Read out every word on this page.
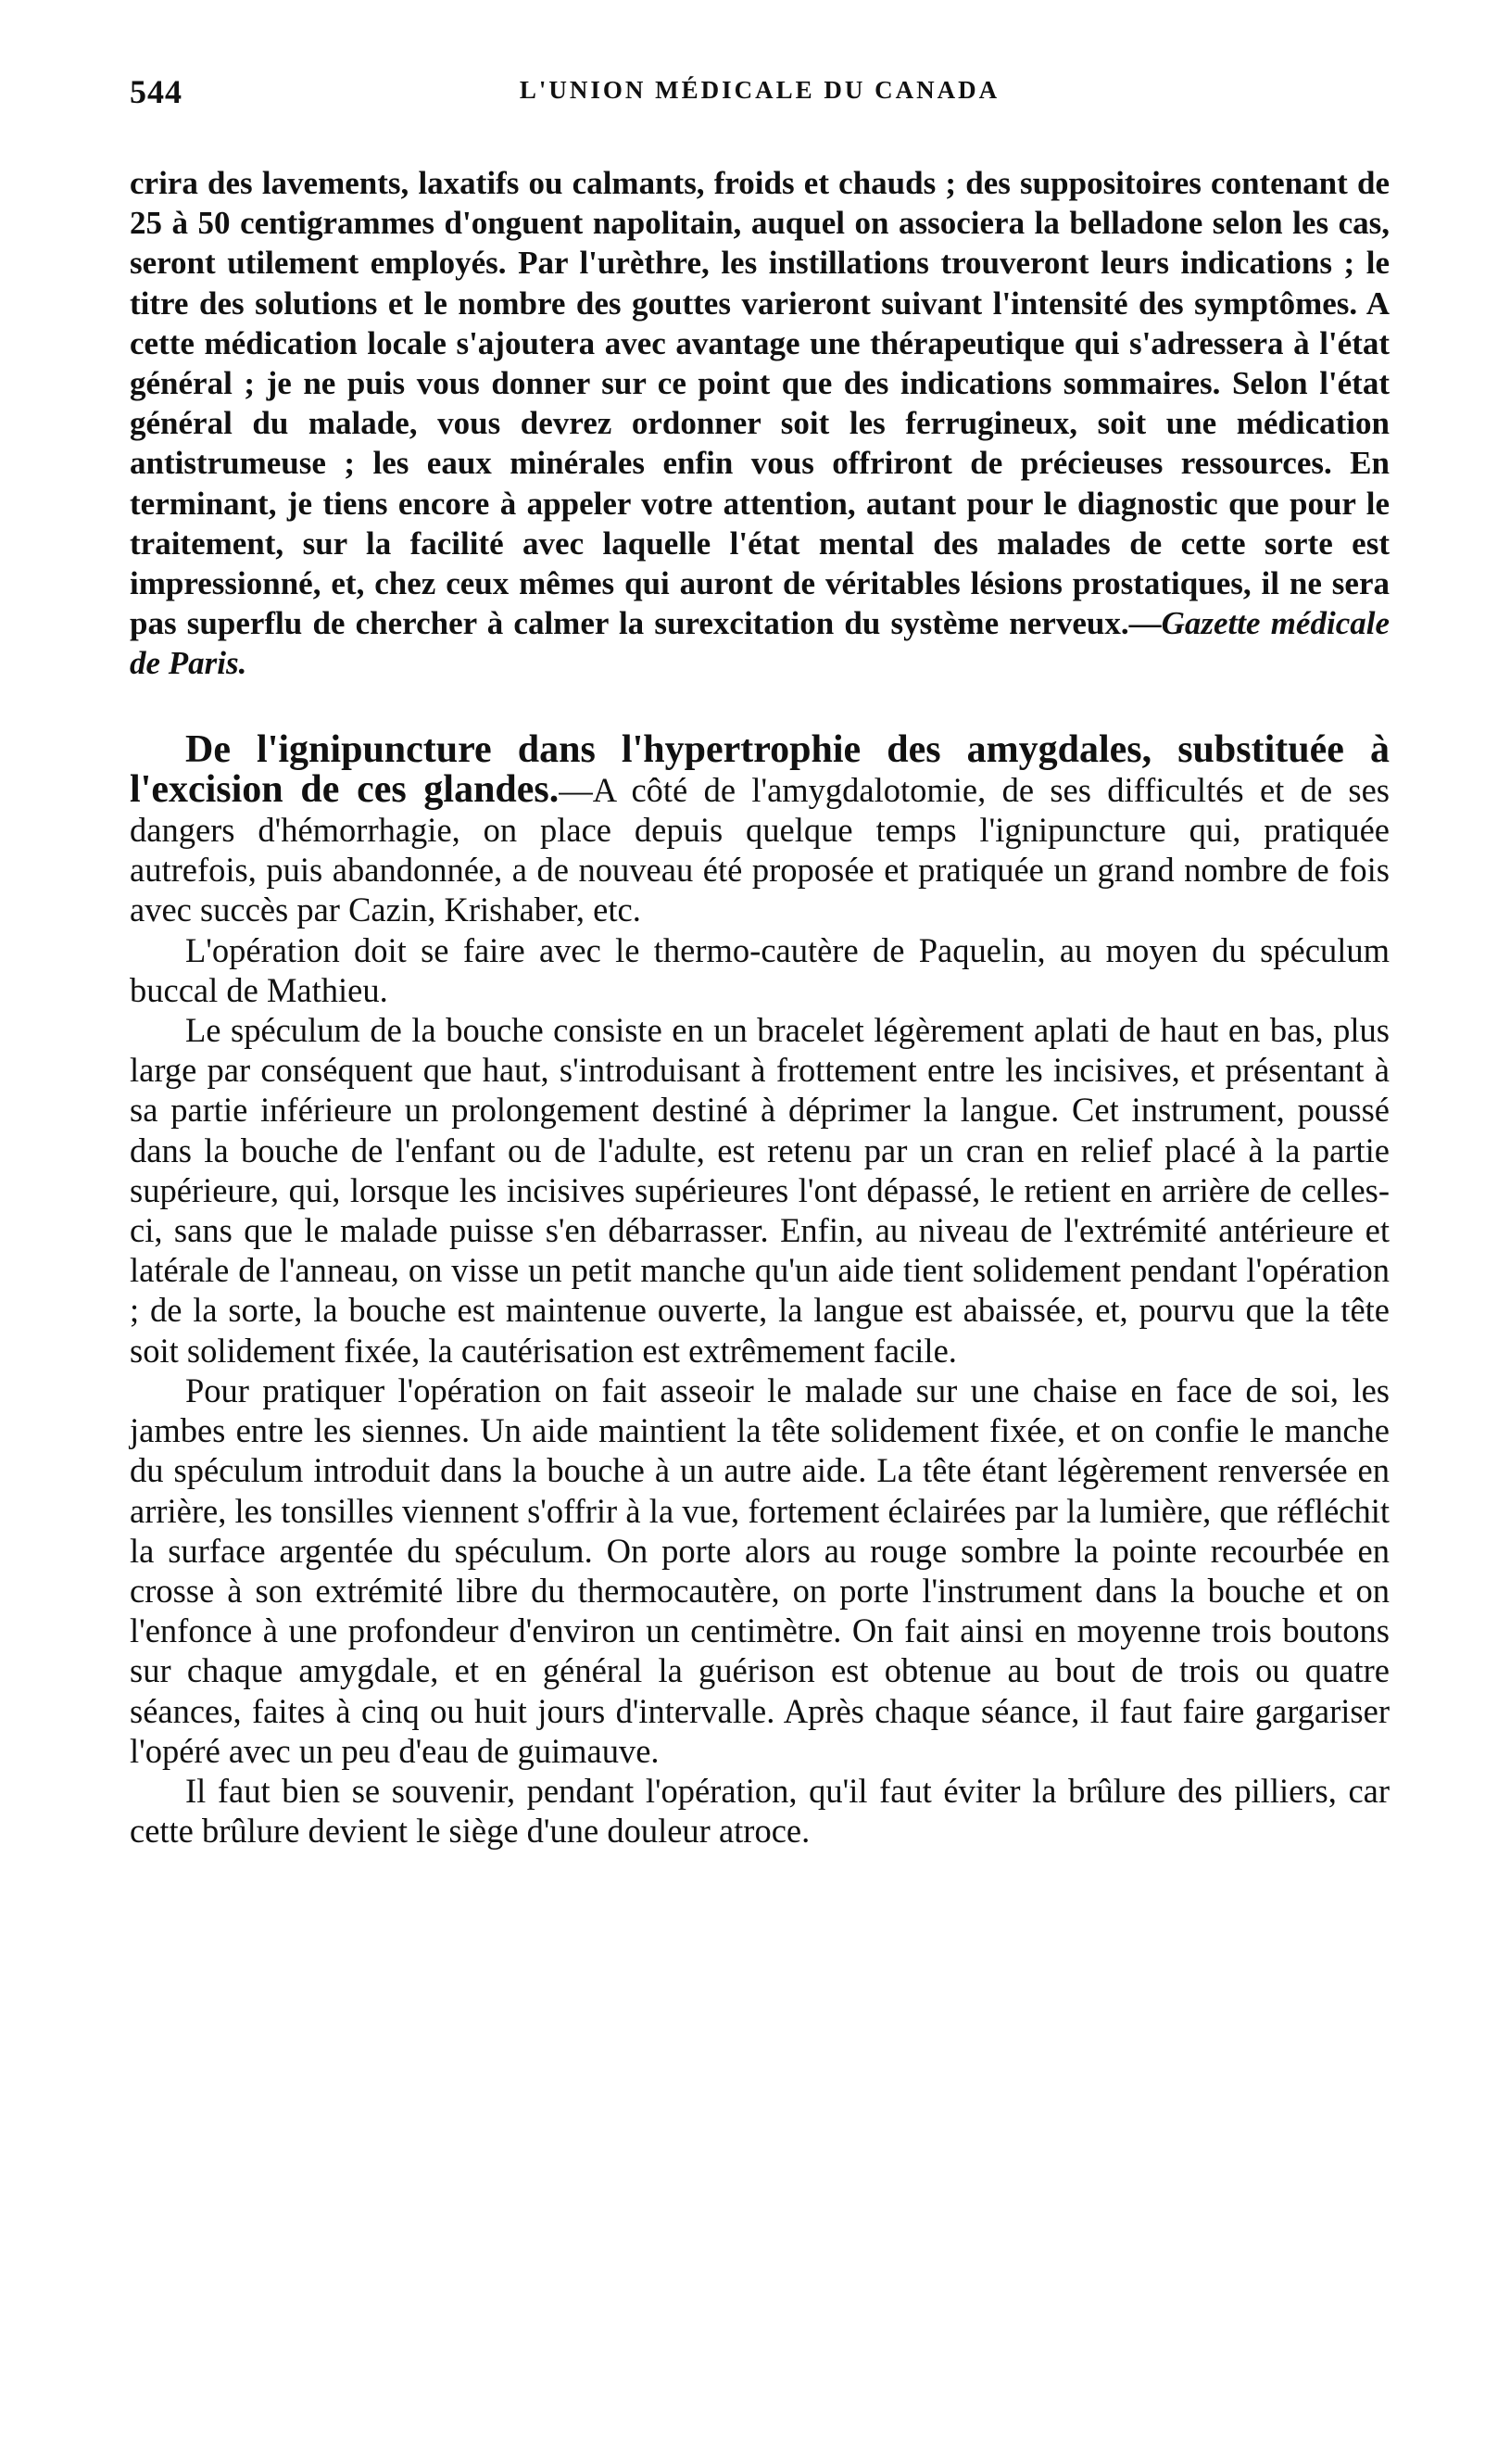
544	L'UNION MÉDICALE DU CANADA

crira des lavements, laxatifs ou calmants, froids et chauds ; des suppositoires contenant de 25 à 50 centigrammes d'onguent napolitain, auquel on associera la belladone selon les cas, seront utilement employés. Par l'urèthre, les instillations trouveront leurs indications ; le titre des solutions et le nombre des gouttes varieront suivant l'intensité des symptômes. A cette médication locale s'ajoutera avec avantage une thérapeutique qui s'adressera à l'état général ; je ne puis vous donner sur ce point que des indications sommaires. Selon l'état général du malade, vous devrez ordonner soit les ferrugineux, soit une médication antistrumeuse ; les eaux minérales enfin vous offriront de précieuses ressources. En terminant, je tiens encore à appeler votre attention, autant pour le diagnostic que pour le traitement, sur la facilité avec laquelle l'état mental des malades de cette sorte est impressionné, et, chez ceux mêmes qui auront de véritables lésions prostatiques, il ne sera pas superflu de chercher à calmer la surexcitation du système nerveux.—Gazette médicale de Paris.

De l'ignipuncture dans l'hypertrophie des amygdales, substituée à l'excision de ces glandes.—A côté de l'amygdalotomie, de ses difficultés et de ses dangers d'hémorrhagie, on place depuis quelque temps l'ignipuncture qui, pratiquée autrefois, puis abandonnée, a de nouveau été proposée et pratiquée un grand nombre de fois avec succès par Cazin, Krishaber, etc.

L'opération doit se faire avec le thermo-cautère de Paquelin, au moyen du spéculum buccal de Mathieu.

Le spéculum de la bouche consiste en un bracelet légèrement aplati de haut en bas, plus large par conséquent que haut, s'introduisant à frottement entre les incisives, et présentant à sa partie inférieure un prolongement destiné à déprimer la langue. Cet instrument, poussé dans la bouche de l'enfant ou de l'adulte, est retenu par un cran en relief placé à la partie supérieure, qui, lorsque les incisives supérieures l'ont dépassé, le retient en arrière de celles-ci, sans que le malade puisse s'en débarrasser. Enfin, au niveau de l'extrémité antérieure et latérale de l'anneau, on visse un petit manche qu'un aide tient solidement pendant l'opération ; de la sorte, la bouche est maintenue ouverte, la langue est abaissée, et, pourvu que la tête soit solidement fixée, la cautérisation est extrêmement facile.

Pour pratiquer l'opération on fait asseoir le malade sur une chaise en face de soi, les jambes entre les siennes. Un aide maintient la tête solidement fixée, et on confie le manche du spéculum introduit dans la bouche à un autre aide. La tête étant légèrement renversée en arrière, les tonsilles viennent s'offrir à la vue, fortement éclairées par la lumière, que réfléchit la surface argentée du spéculum. On porte alors au rouge sombre la pointe recourbée en crosse à son extrémité libre du thermocautère, on porte l'instrument dans la bouche et on l'enfonce à une profondeur d'environ un centimètre. On fait ainsi en moyenne trois boutons sur chaque amygdale, et en général la guérison est obtenue au bout de trois ou quatre séances, faites à cinq ou huit jours d'intervalle. Après chaque séance, il faut faire gargariser l'opéré avec un peu d'eau de guimauve.

Il faut bien se souvenir, pendant l'opération, qu'il faut éviter la brûlure des pilliers, car cette brûlure devient le siège d'une douleur atroce.
